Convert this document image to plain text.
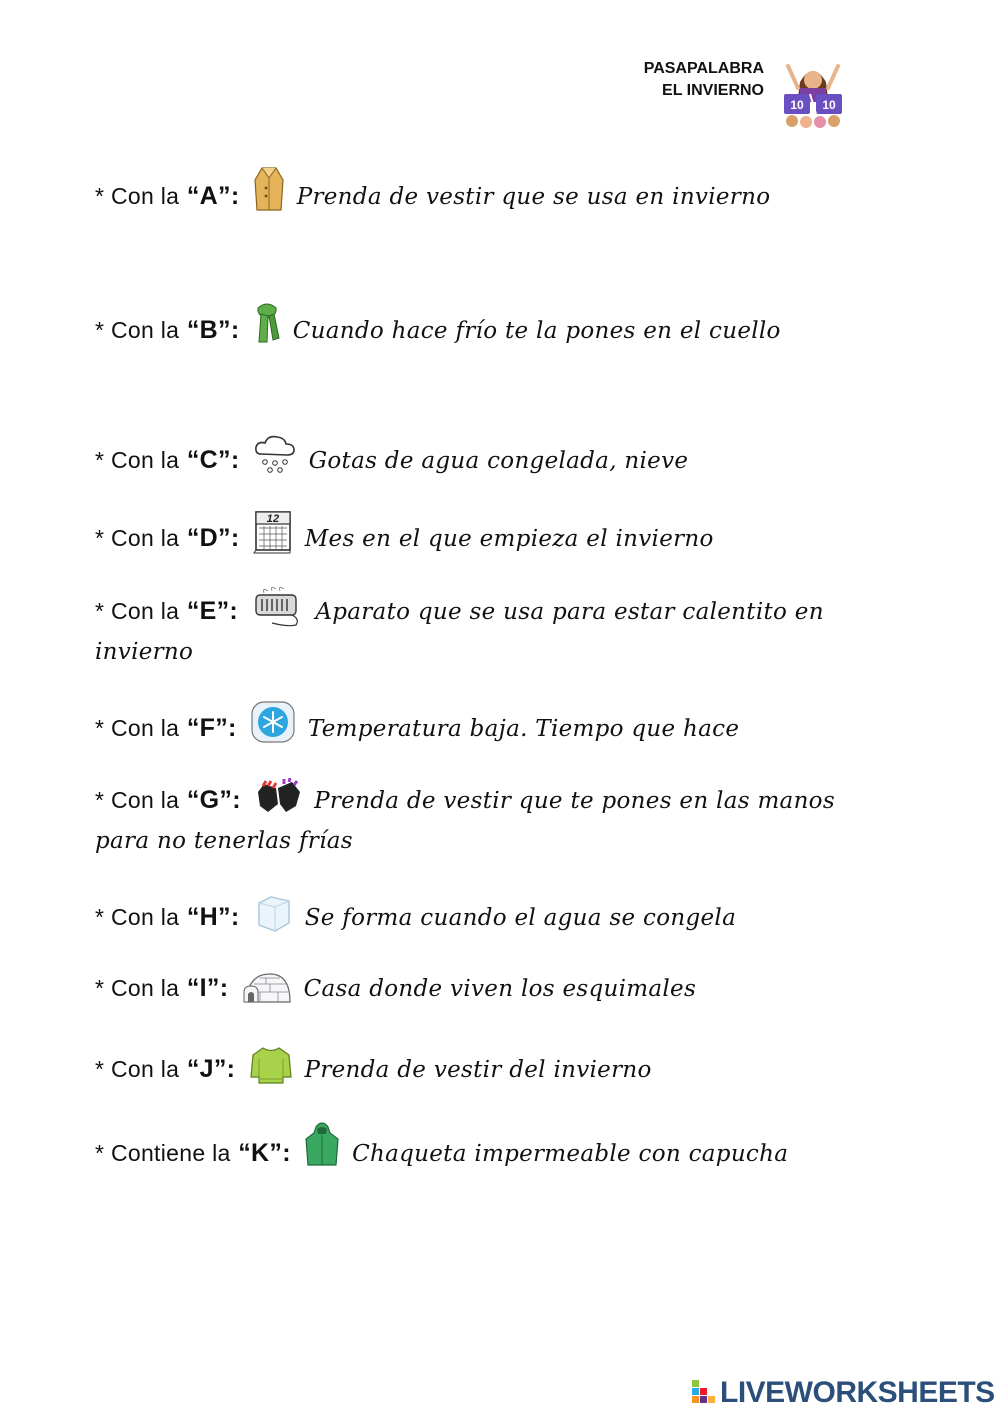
PASAPALABRA
EL INVIERNO
10 10
* Con la “A”: Prenda de vestir que se usa en invierno
* Con la “B”: Cuando hace frío te la pones en el cuello
* Con la “C”:	Gotas de agua congelada, nieve
* Con la “D”:
12
Mes en el que empieza el invierno
* Con la “E”:	Aparato que se usa para estar calentito en invierno
* Con la “F”:	Temperatura baja. Tiempo que hace
* Con la “G”:	Prenda de vestir que te pones en las manos para no tenerlas frías
* Con la “H”:	Se forma cuando el agua se congela
* Con la “I”:	Casa donde viven los esquimales
* Con la “J”:	Prenda de vestir del invierno
* Contiene la “K”:	Chaqueta impermeable con capucha
LIVEWORKSHEETS
